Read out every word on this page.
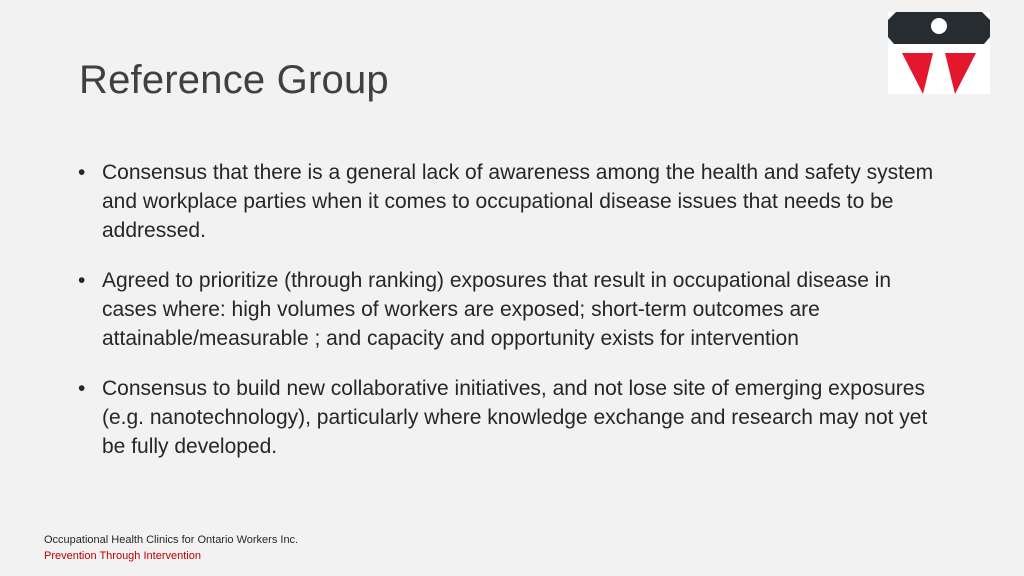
Reference Group
• Consensus that there is a general lack of awareness among the health and safety system and workplace parties when it comes to occupational disease issues that needs to be addressed.
• Agreed to prioritize (through ranking) exposures that result in occupational disease in cases where: high volumes of workers are exposed; short-term outcomes are attainable/measurable ; and capacity and opportunity exists for intervention
• Consensus to build new collaborative initiatives, and not lose site of emerging exposures (e.g. nanotechnology), particularly where knowledge exchange and research may not yet be fully developed.
Occupational Health Clinics for Ontario Workers Inc.
Prevention Through Intervention
